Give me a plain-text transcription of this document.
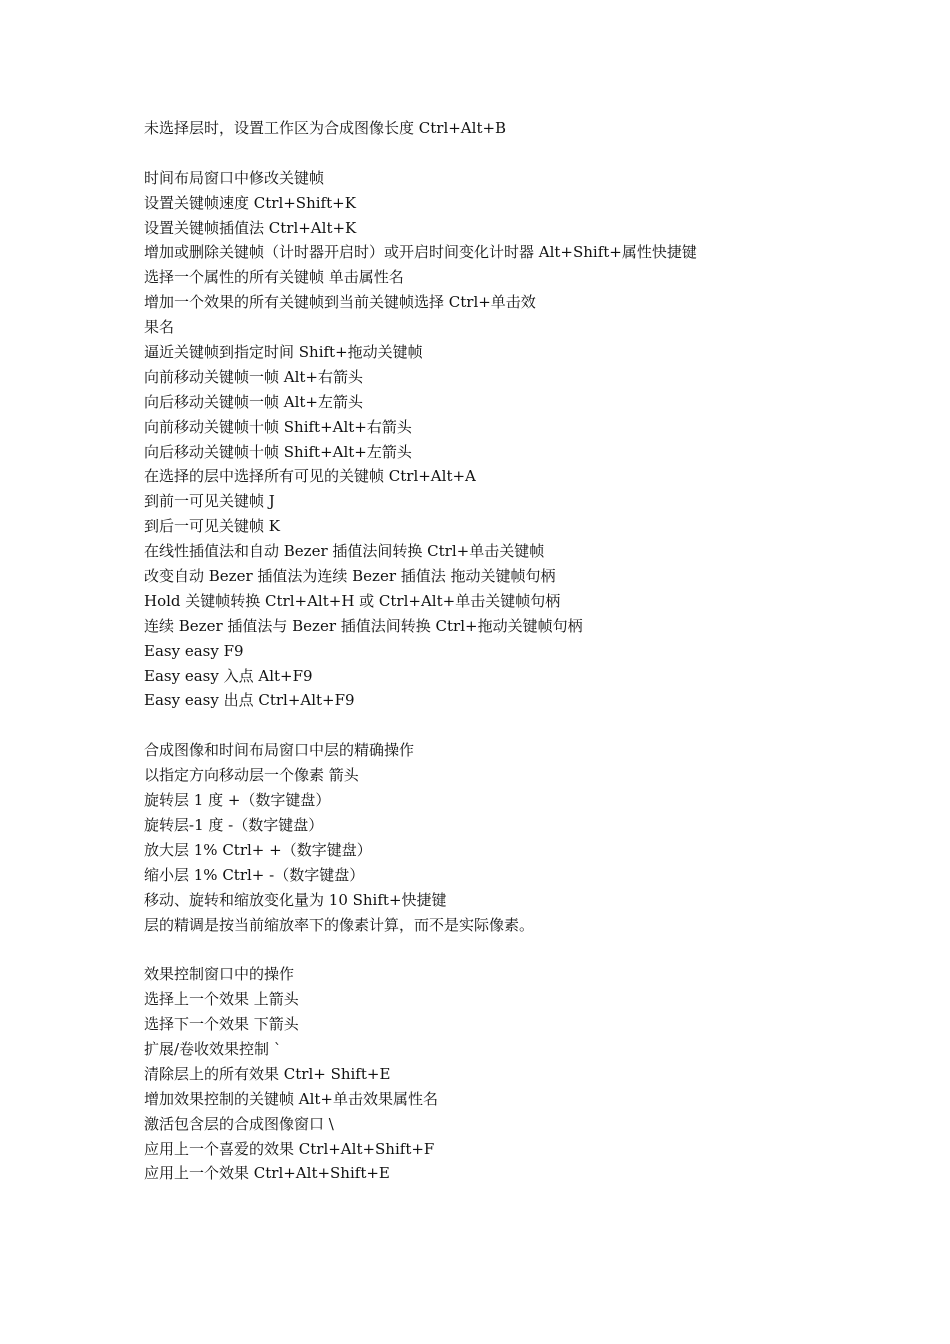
未选择层时，设置工作区为合成图像长度 Ctrl+Alt+B
时间布局窗口中修改关键帧
设置关键帧速度 Ctrl+Shift+K
设置关键帧插值法 Ctrl+Alt+K
增加或删除关键帧（计时器开启时）或开启时间变化计时器 Alt+Shift+属性快捷键
选择一个属性的所有关键帧 单击属性名
增加一个效果的所有关键帧到当前关键帧选择 Ctrl+单击效
果名
逼近关键帧到指定时间 Shift+拖动关键帧
向前移动关键帧一帧 Alt+右箭头
向后移动关键帧一帧 Alt+左箭头
向前移动关键帧十帧 Shift+Alt+右箭头
向后移动关键帧十帧 Shift+Alt+左箭头
在选择的层中选择所有可见的关键帧 Ctrl+Alt+A
到前一可见关键帧 J
到后一可见关键帧 K
在线性插值法和自动 Bezer 插值法间转换 Ctrl+单击关键帧
改变自动 Bezer 插值法为连续 Bezer 插值法 拖动关键帧句柄
Hold 关键帧转换 Ctrl+Alt+H 或 Ctrl+Alt+单击关键帧句柄
连续 Bezer 插值法与 Bezer 插值法间转换 Ctrl+拖动关键帧句柄
Easy easy F9
Easy easy 入点 Alt+F9
Easy easy 出点 Ctrl+Alt+F9
合成图像和时间布局窗口中层的精确操作
以指定方向移动层一个像素 箭头
旋转层 1 度 +（数字键盘）
旋转层-1 度 -（数字键盘）
放大层 1% Ctrl+ +（数字键盘）
缩小层 1% Ctrl+ -（数字键盘）
移动、旋转和缩放变化量为 10 Shift+快捷键
层的精调是按当前缩放率下的像素计算，而不是实际像素。
效果控制窗口中的操作
选择上一个效果 上箭头
选择下一个效果 下箭头
扩展/卷收效果控制 `
清除层上的所有效果 Ctrl+ Shift+E
增加效果控制的关键帧 Alt+单击效果属性名
激活包含层的合成图像窗口 \
应用上一个喜爱的效果 Ctrl+Alt+Shift+F
应用上一个效果 Ctrl+Alt+Shift+E
